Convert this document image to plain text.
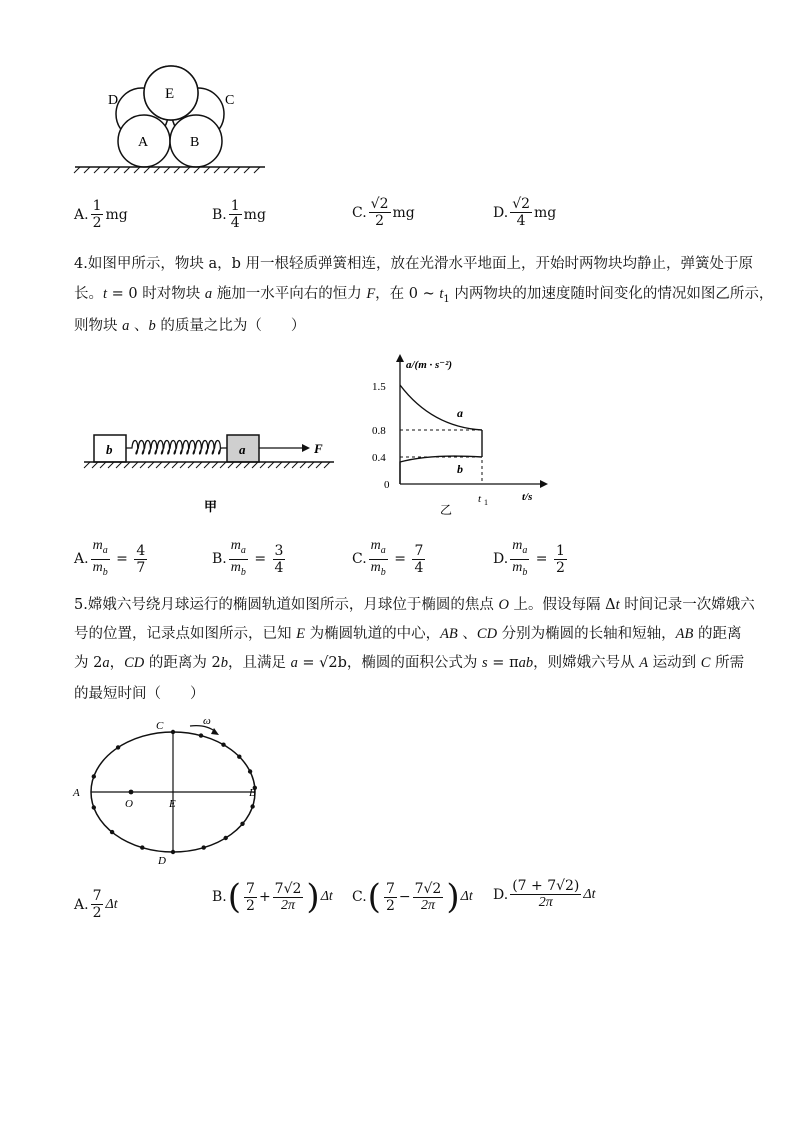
E
D	C
A	B
A. $\frac{1}{2}$ mg	B. $\frac{1}{4}$ mg	C. $\frac{√2}{2}$ mg	D. $\frac{√2}{4}$ mg
4.如图甲所示，物块 a，b 用一根轻质弹簧相连，放在光滑水平地面上，开始时两物块均静止，弹簧处于原
长。t = 0 时对物块 a 施加一水平向右的恒力 F，在 0 ~ $t_1$ 内两物块的加速度随时间变化的情况如图乙所示，
则物块 a 、b 的质量之比为（　　）
b	a	F
甲
a/(m · s⁻²)
1.5
0.8
0.4
0
a
b
t 1	t/s
乙
A. $\frac{m_a}{m_b} = \frac{4}{7}$	B. $\frac{m_a}{m_b} = \frac{3}{4}$	C. $\frac{m_a}{m_b} = \frac{7}{4}$	D. $\frac{m_a}{m_b} = \frac{1}{2}$
5.嫦娥六号绕月球运行的椭圆轨道如图所示，月球位于椭圆的焦点 O 上。假设每隔 Δt 时间记录一次嫦娥六
号的位置，记录点如图所示，已知 E 为椭圆轨道的中心，AB 、CD 分别为椭圆的长轴和短轴，AB 的距离
为 2a，CD 的距离为 2b，且满足 a = √2b，椭圆的面积公式为 s = πab，则嫦娥六号从 A 运动到 C 所需
的最短时间（　　）
ω
C
D
A	B
O	E
A. $\frac{7}{2}$ Δt	B. ( $\frac{7}{2} + \frac{7√2}{2\pi}$ ) Δt C. ( $\frac{7}{2} - \frac{7√2}{2\pi}$ ) Δt D. $\frac{(7 + 7√2)}{2\pi}$ Δt
